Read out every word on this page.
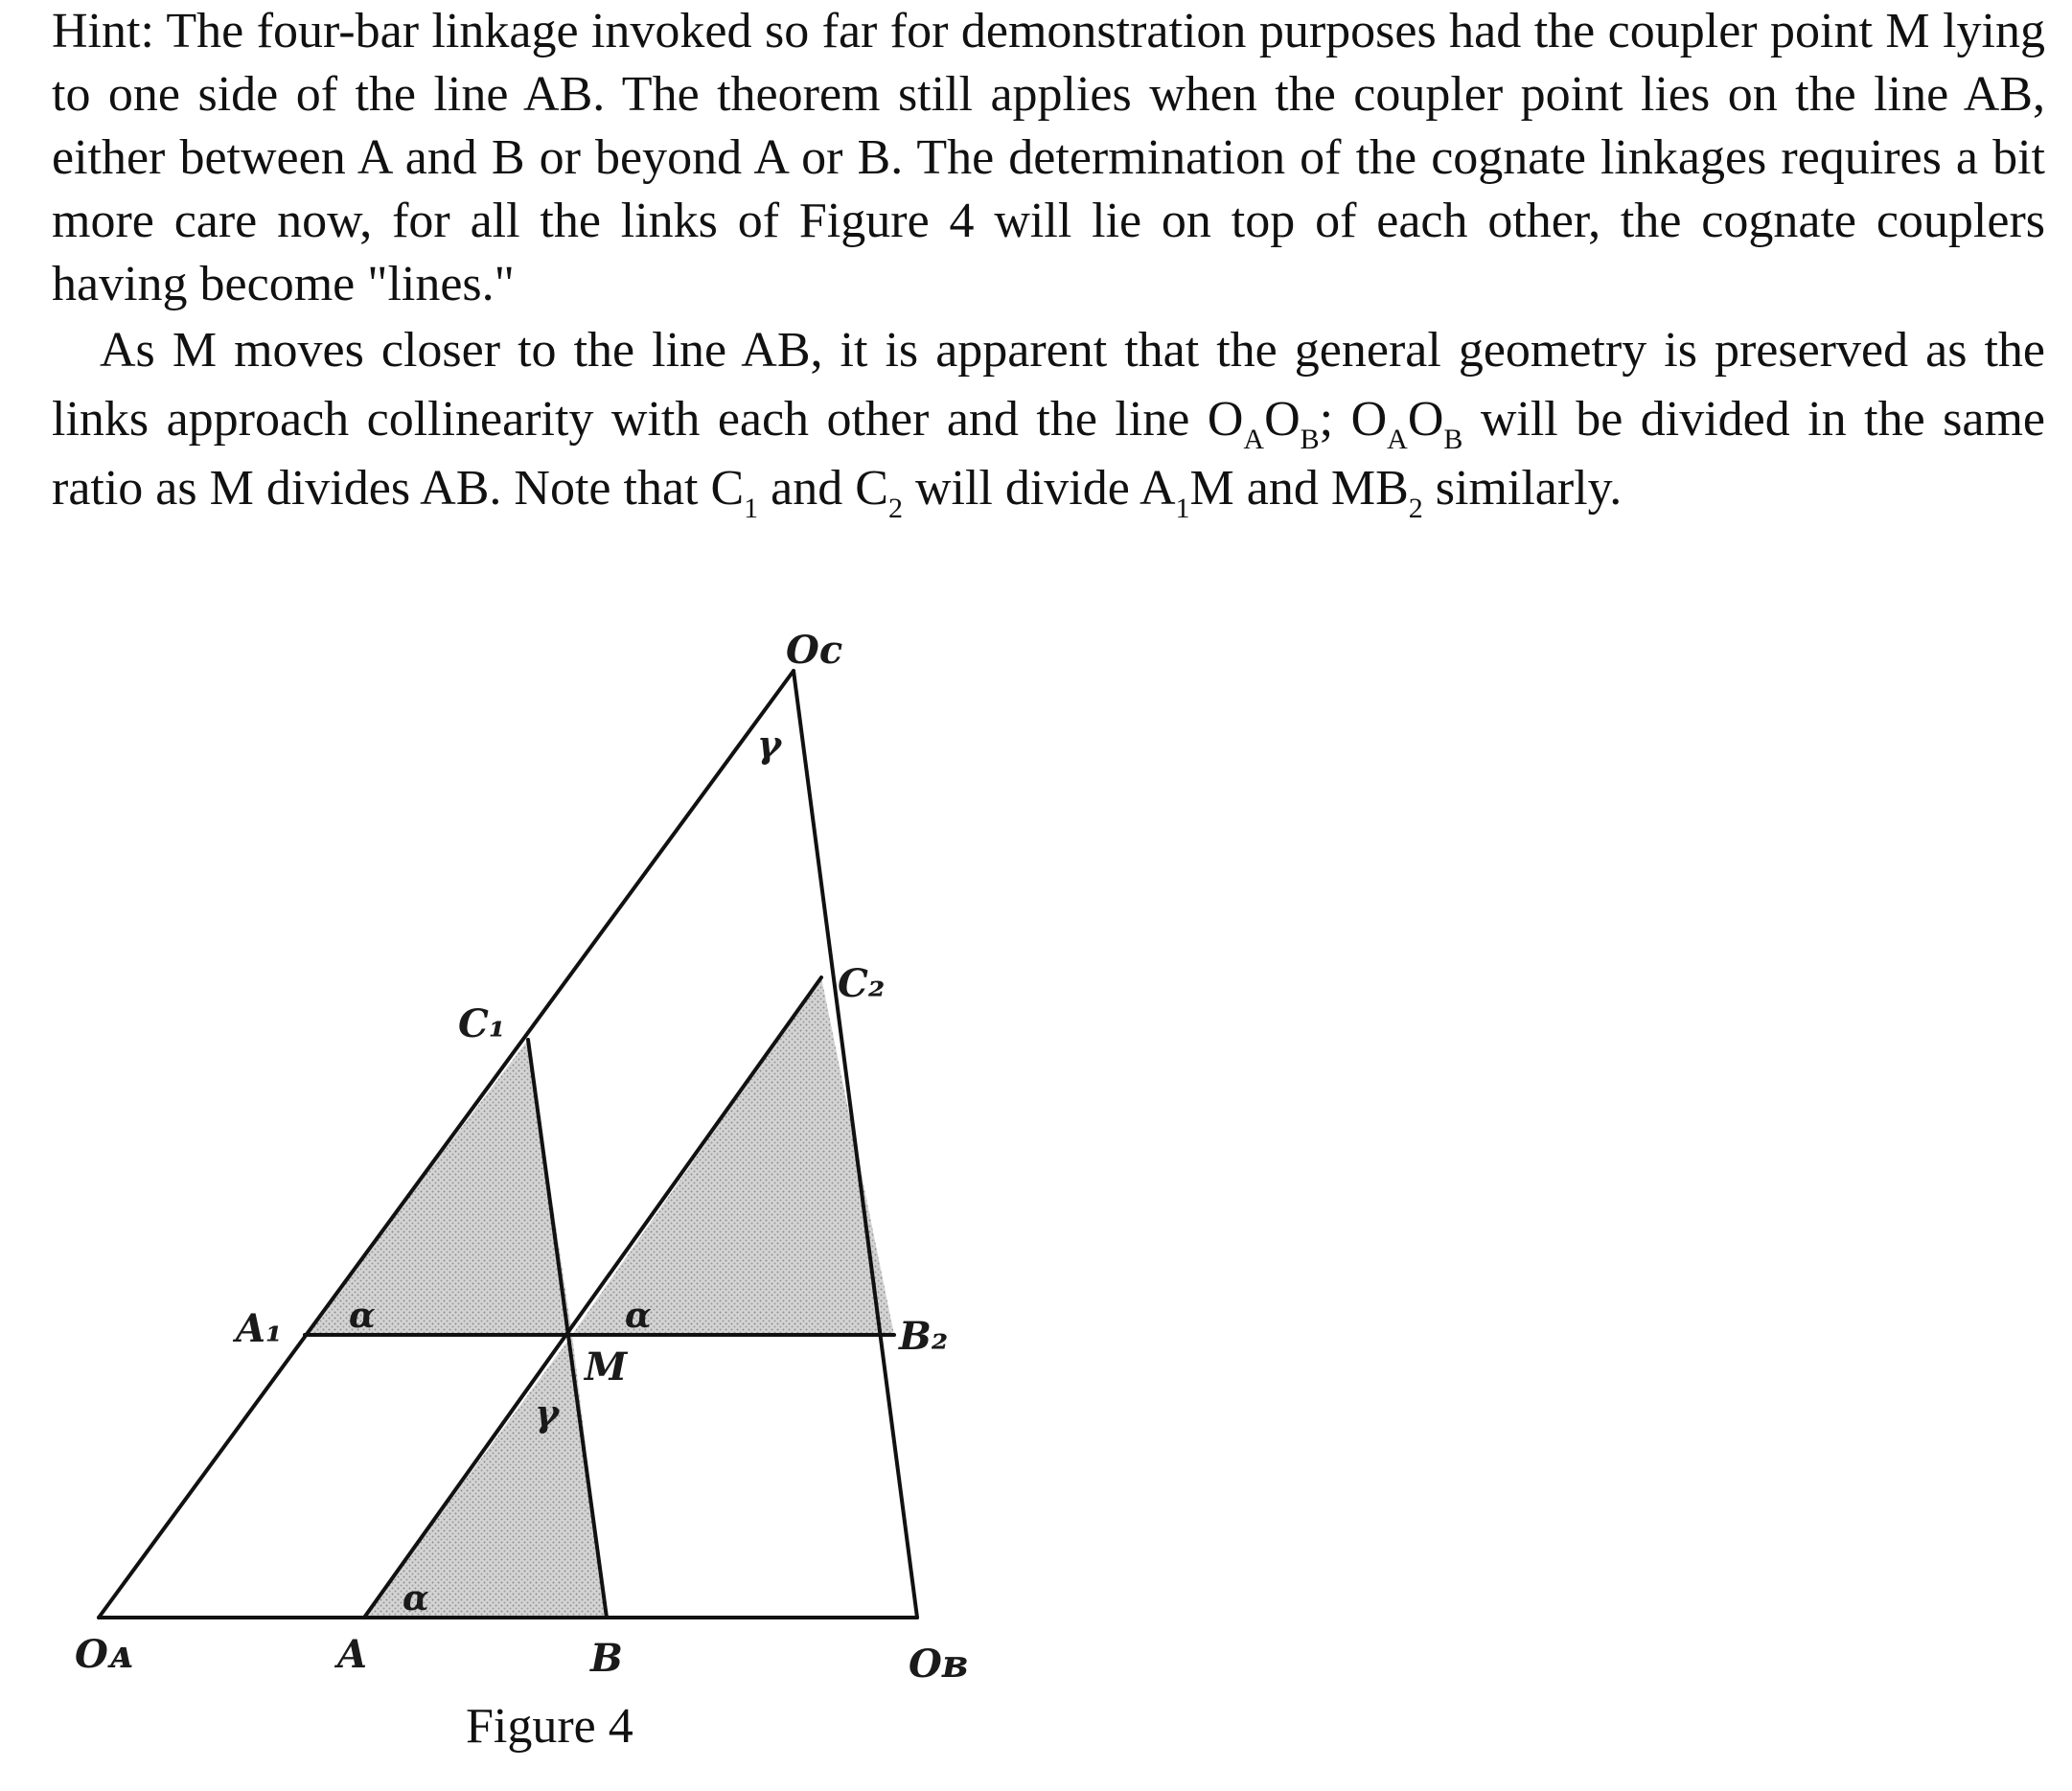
Hint: The four-bar linkage invoked so far for demonstration purposes had the coupler point M lying to one side of the line AB. The theorem still applies when the coupler point lies on the line AB, either between A and B or beyond A or B. The determination of the cognate linkages requires a bit more care now, for all the links of Figure 4 will lie on top of each other, the cognate couplers having become "lines."

As M moves closer to the line AB, it is apparent that the general geometry is preserved as the links approach collinearity with each other and the line $O_AO_B$; $O_AO_B$ will be divided in the same ratio as M divides AB. Note that $C_1$ and $C_2$ will divide $A_1M$ and $MB_2$ similarly.

Oc
γ
C₂
C₁
A₁ α	α	B₂
M
γ
α
Oᴀ	A	B	Oʙ
Figure 4
